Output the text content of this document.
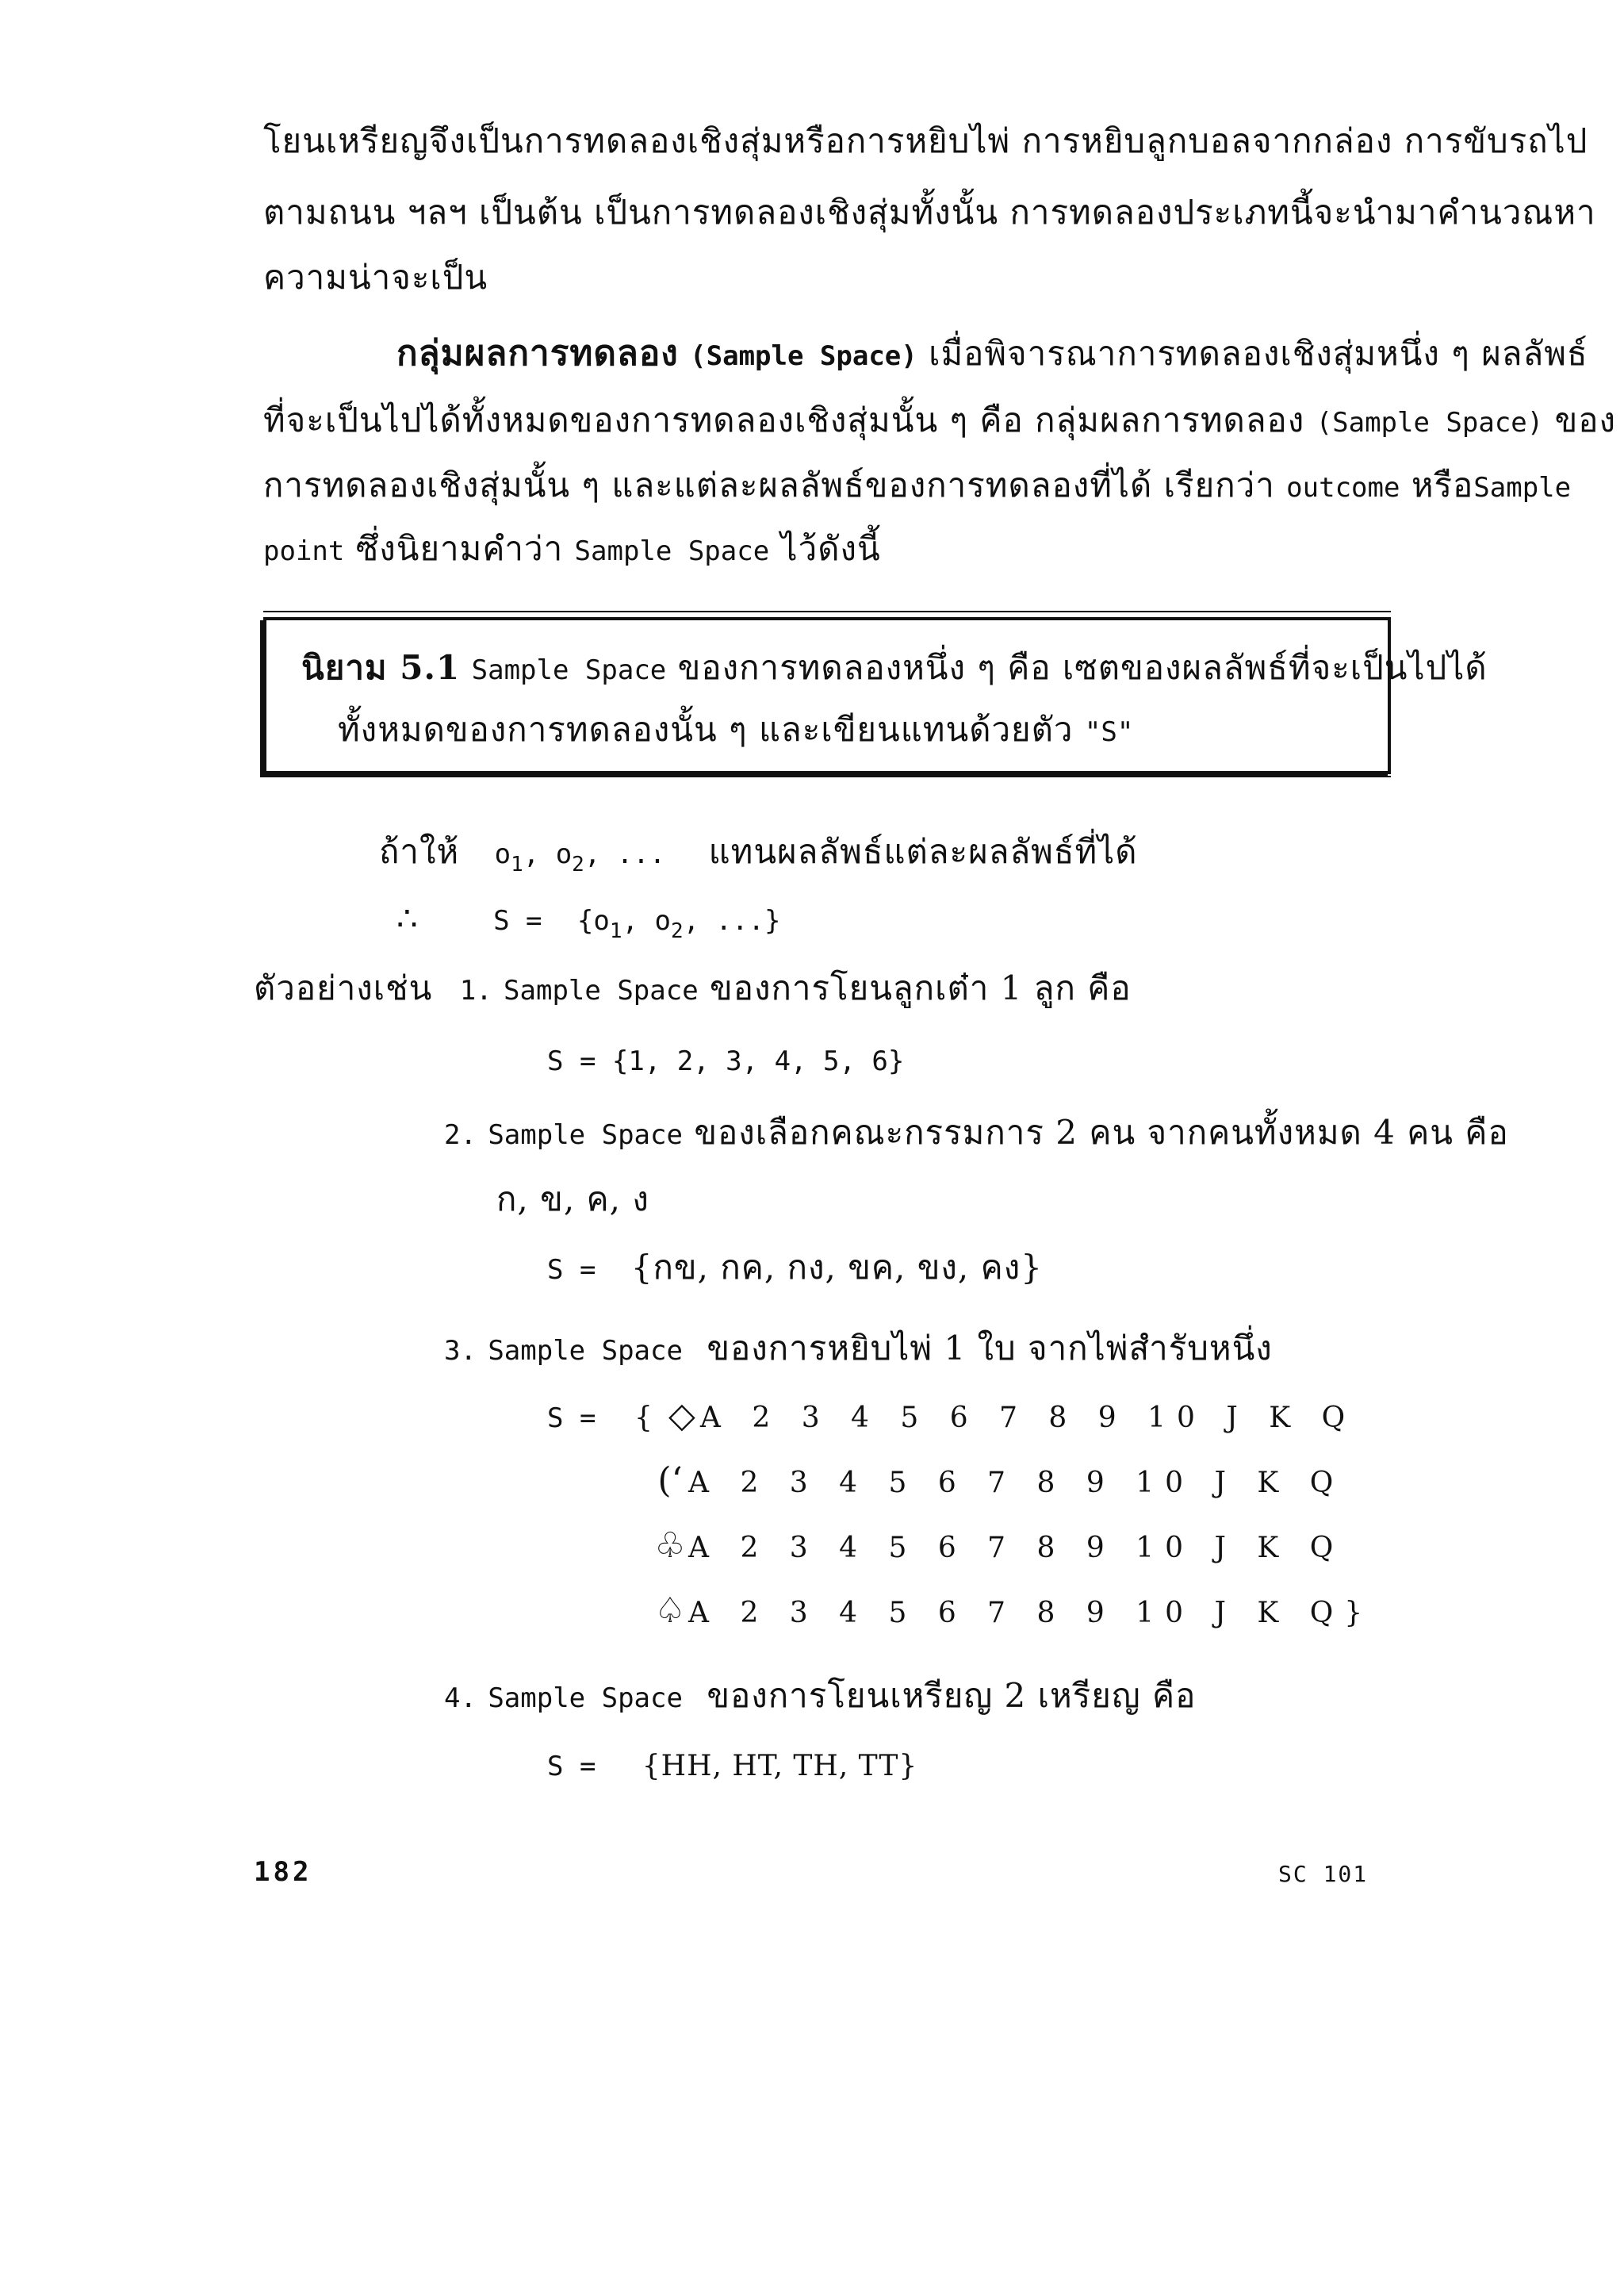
โยนเหรียญจึงเป็นการทดลองเชิงสุ่มหรือการหยิบไพ่ การหยิบลูกบอลจากกล่อง การขับรถไป
ตามถนน ฯลฯ เป็นต้น เป็นการทดลองเชิงสุ่มทั้งนั้น การทดลองประเภทนี้จะนำมาคำนวณหา
ความน่าจะเป็น
กลุ่มผลการทดลอง (Sample Space) เมื่อพิจารณาการทดลองเชิงสุ่มหนึ่ง ๆ ผลลัพธ์
ที่จะเป็นไปได้ทั้งหมดของการทดลองเชิงสุ่มนั้น ๆ คือ กลุ่มผลการทดลอง (Sample Space) ของ
การทดลองเชิงสุ่มนั้น ๆ และแต่ละผลลัพธ์ของการทดลองที่ได้ เรียกว่า outcome หรือSample
point ซึ่งนิยามคำว่า Sample Space ไว้ดังนี้
นิยาม 5.1 Sample Space ของการทดลองหนึ่ง ๆ คือ เซตของผลลัพธ์ที่จะเป็นไปได้
ทั้งหมดของการทดลองนั้น ๆ และเขียนแทนด้วยตัว "S"
ถ้าให้ $o_1$, $o_2$, ... แทนผลลัพธ์แต่ละผลลัพธ์ที่ได้
∴	$S = \{o_1$, $o_2$, ...}
ตัวอย่างเช่น 1. Sample Space ของการโยนลูกเต๋า 1 ลูก คือ
S = {1, 2, 3, 4, 5, 6}
2. Sample Space ของเลือกคณะกรรมการ 2 คน จากคนทั้งหมด 4 คน คือ
ก, ข, ค, ง
S = {กข, กค, กง, ขค, ขง, คง}
3. Sample Space ของการหยิบไพ่ 1 ใบ จากไพ่สำรับหนึ่ง
S = { ◇ A 2 3 4 5 6 7 8 9 10 J K Q
(‘ A 2 3 4 5 6 7 8 9 10 J K Q
♧A 2 3 4 5 6 7 8 9 10 J K Q
♤A 2 3 4 5 6 7 8 9 10 J K Q}
4. Sample Space ของการโยนเหรียญ 2 เหรียญ คือ
S = {HH, HT, TH, TT}
182	SC 101
